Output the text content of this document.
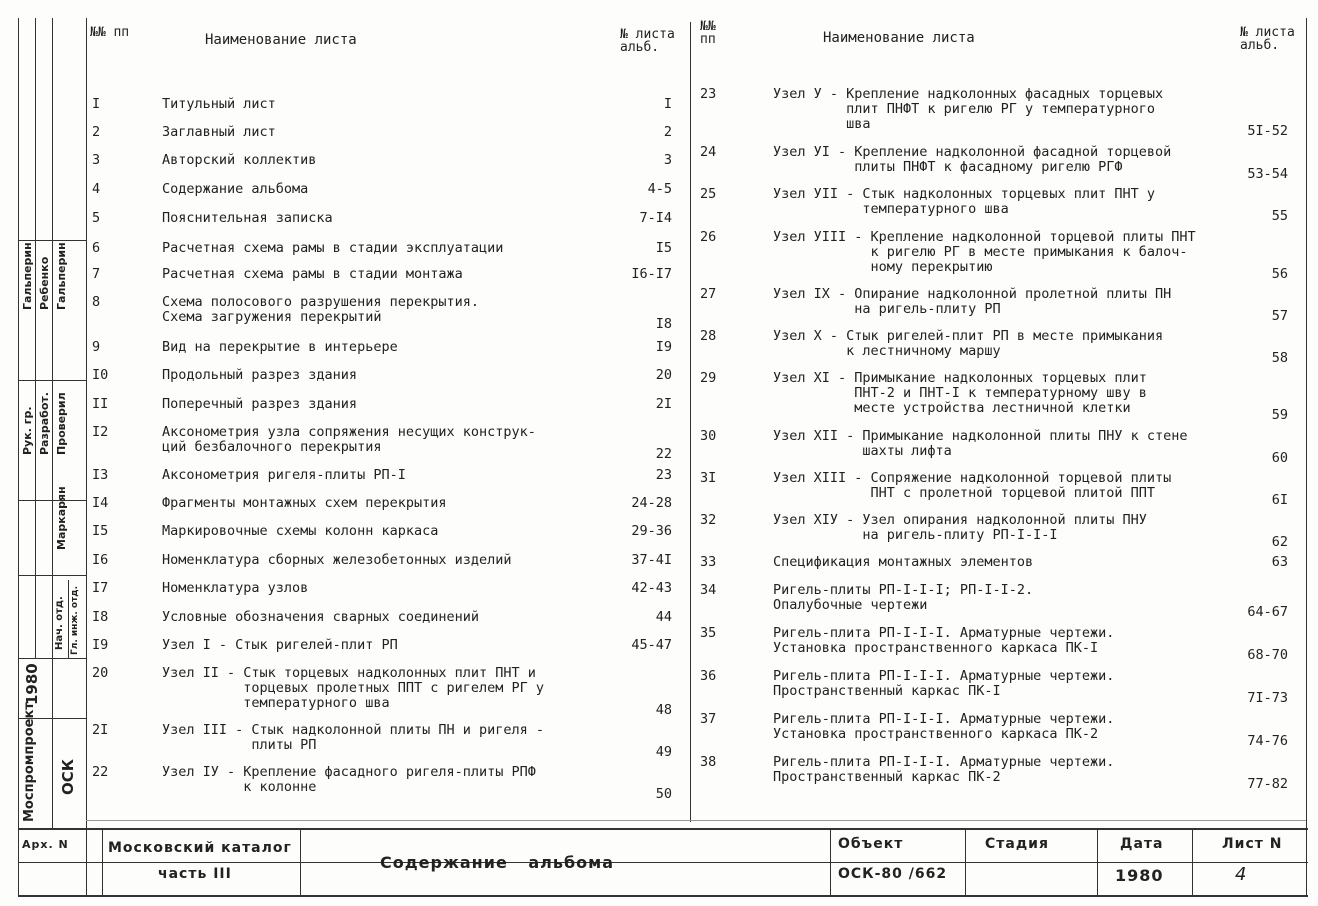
Гальперин Ребенко Гальперин
Рук. гр. Разработ. Проверил
Маркарян
Нач. отд. Гл. инж. отд.
Моспромпроект ОСК
1980
№№ пп	Наименование листа	№ листа альб.
№№ пп	Наименование листа	№ листа альб.
I	Титульный лист	I
2	Заглавный лист	2
3	Авторский коллектив	3
4	Содержание альбома	4-5
5	Пояснительная записка	7-I4
6	Расчетная схема рамы в стадии эксплуатации	I5
7	Расчетная схема рамы в стадии монтажа	I6-I7
8	Схема полосового разрушения перекрытия.
Схема загружения перекрытий	I8
9	Вид на перекрытие в интерьере	I9
I0	Продольный разрез здания	20
II	Поперечный разрез здания	2I
I2	Аксонометрия узла сопряжения несущих конструк-
ций безбалочного перекрытия	22
I3	Аксонометрия ригеля-плиты РП-I	23
I4	Фрагменты монтажных схем перекрытия	24-28
I5	Маркировочные схемы колонн каркаса	29-36
I6	Номенклатура сборных железобетонных изделий	37-4I
I7	Номенклатура узлов	42-43
I8	Условные обозначения сварных соединений	44
I9	Узел I - Стык ригелей-плит РП	45-47
20	Узел II - Стык торцевых надколонных плит ПНТ и
торцевых пролетных ППТ с ригелем РГ у
температурного шва	48
2I	Узел III - Стык надколонной плиты ПН и ригеля -
плиты РП	49
22	Узел IУ - Крепление фасадного ригеля-плиты РПФ
к колонне	50
23	Узел У - Крепление надколонных фасадных торцевых
плит ПНФТ к ригелю РГ у температурного
шва	5I-52
24	Узел УI - Крепление надколонной фасадной торцевой
плиты ПНФТ к фасадному ригелю РГФ	53-54
25	Узел УII - Стык надколонных торцевых плит ПНТ у
температурного шва	55
26	Узел УIII - Крепление надколонной торцевой плиты ПНТ
к ригелю РГ в месте примыкания к балоч-
ному перекрытию	56
27	Узел IX - Опирание надколонной пролетной плиты ПН
на ригель-плиту РП	57
28	Узел X - Стык ригелей-плит РП в месте примыкания
к лестничному маршу	58
29	Узел XI - Примыкание надколонных торцевых плит
ПНТ-2 и ПНТ-I к температурному шву в
месте устройства лестничной клетки	59
30	Узел XII - Примыкание надколонной плиты ПНУ к стене
шахты лифта	60
3I	Узел XIII - Сопряжение надколонной торцевой плиты
ПНТ с пролетной торцевой плитой ППТ	6I
32	Узел XIУ - Узел опирания надколонной плиты ПНУ
на ригель-плиту РП-I-I-I	62
33	Спецификация монтажных элементов	63
34	Ригель-плиты РП-I-I-I; РП-I-I-2.
Опалубочные чертежи	64-67
35	Ригель-плита РП-I-I-I. Арматурные чертежи.
Установка пространственного каркаса ПК-I	68-70
36	Ригель-плита РП-I-I-I. Арматурные чертежи.
Пространственный каркас ПК-I	7I-73
37	Ригель-плита РП-I-I-I. Арматурные чертежи.
Установка пространственного каркаса ПК-2	74-76
38	Ригель-плита РП-I-I-I. Арматурные чертежи.
Пространственный каркас ПК-2	77-82
Арх. N	Московский каталог
часть III
Содержание альбома
Объект
ОСК-80 /662
Стадия	Дата
1980
Лист N
4
